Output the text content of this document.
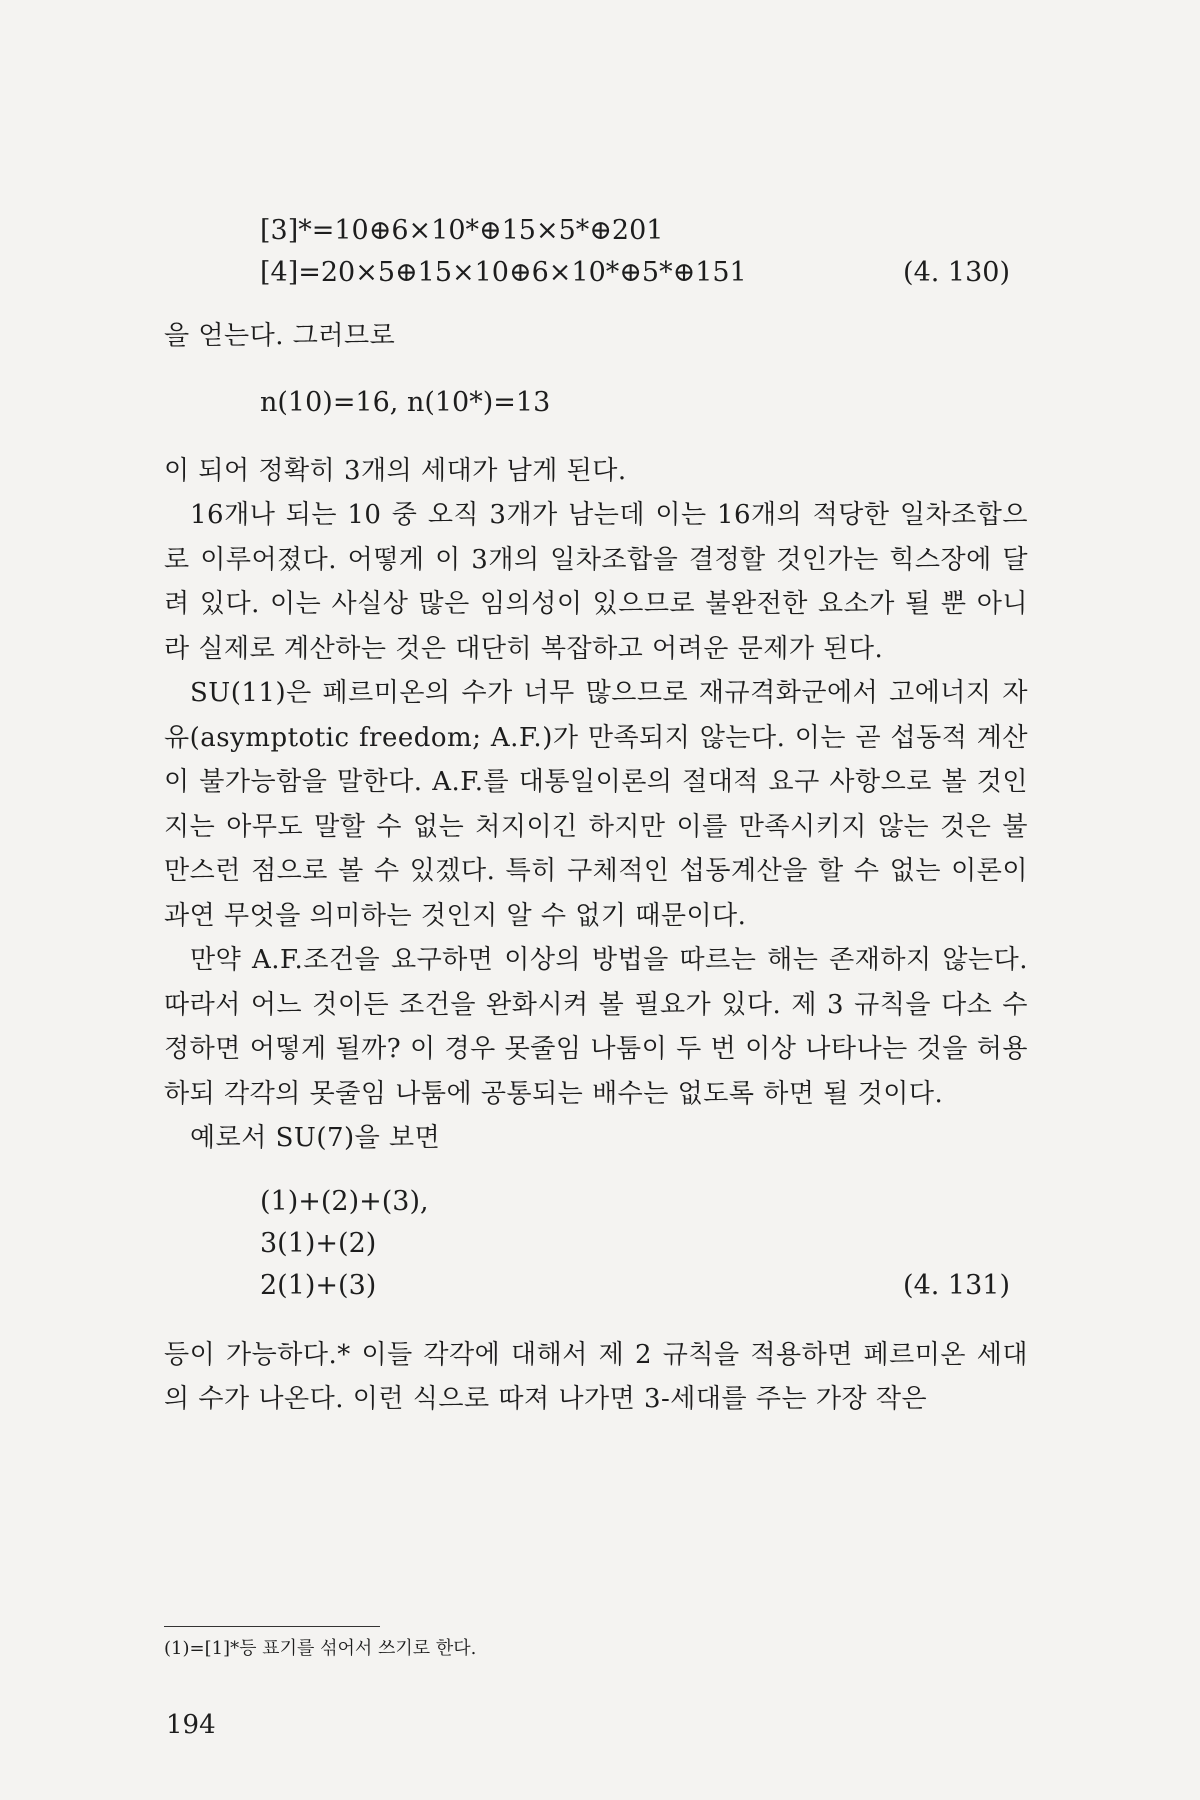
[3]*=10⊕6×10*⊕15×5*⊕201
[4]=20×5⊕15×10⊕6×10*⊕5*⊕151	(4. 130)

을 얻는다. 그러므로

n(10)=16, n(10*)=13

이 되어 정확히 3개의 세대가 남게 된다.

16개나 되는 10 중 오직 3개가 남는데 이는 16개의 적당한 일차조합으로 이루어졌다. 어떻게 이 3개의 일차조합을 결정할 것인가는 힉스장에 달려 있다. 이는 사실상 많은 임의성이 있으므로 불완전한 요소가 될 뿐 아니라 실제로 계산하는 것은 대단히 복잡하고 어려운 문제가 된다.

SU(11)은 페르미온의 수가 너무 많으므로 재규격화군에서 고에너지 자유(asymptotic freedom; A.F.)가 만족되지 않는다. 이는 곧 섭동적 계산이 불가능함을 말한다. A.F.를 대통일이론의 절대적 요구 사항으로 볼 것인지는 아무도 말할 수 없는 처지이긴 하지만 이를 만족시키지 않는 것은 불만스런 점으로 볼 수 있겠다. 특히 구체적인 섭동계산을 할 수 없는 이론이 과연 무엇을 의미하는 것인지 알 수 없기 때문이다.

만약 A.F.조건을 요구하면 이상의 방법을 따르는 해는 존재하지 않는다. 따라서 어느 것이든 조건을 완화시켜 볼 필요가 있다. 제 3 규칙을 다소 수정하면 어떻게 될까? 이 경우 못줄임 나툼이 두 번 이상 나타나는 것을 허용하되 각각의 못줄임 나툼에 공통되는 배수는 없도록 하면 될 것이다.

예로서 SU(7)을 보면

(1)+(2)+(3),
3(1)+(2)
2(1)+(3)	(4. 131)

등이 가능하다.* 이들 각각에 대해서 제 2 규칙을 적용하면 페르미온 세대의 수가 나온다. 이런 식으로 따져 나가면 3-세대를 주는 가장 작은

(1)=[1]*등 표기를 섞어서 쓰기로 한다.
194
